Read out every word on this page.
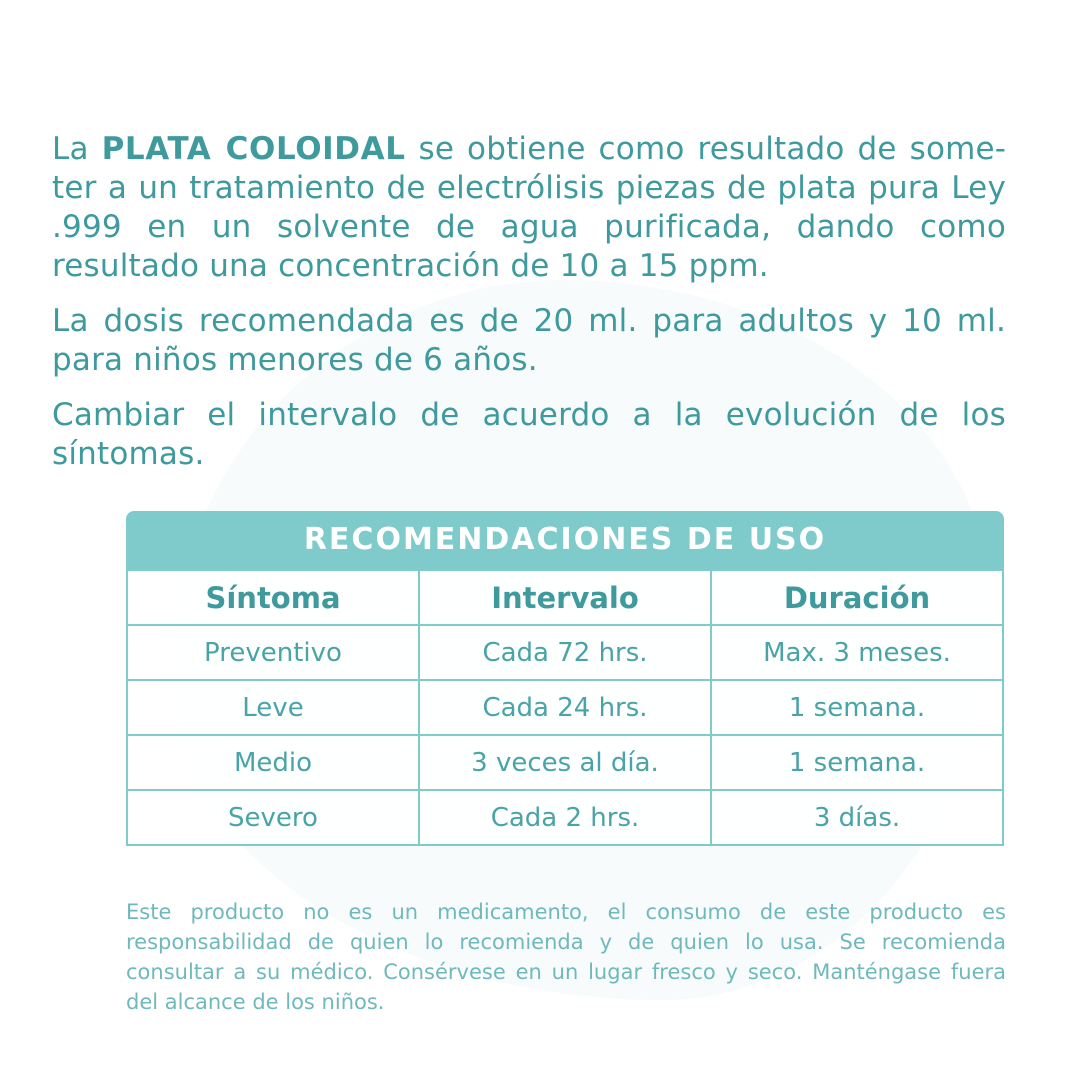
La PLATA COLOIDAL se obtiene como resultado de someter a un tratamiento de electrólisis piezas de plata pura Ley .999 en un solvente de agua purificada, dando como resultado una concentración de 10 a 15 ppm.

La dosis recomendada es de 20 ml. para adultos y 10 ml. para niños menores de 6 años.

Cambiar el intervalo de acuerdo a la evolución de los síntomas.

RECOMENDACIONES DE USO
Síntoma	Intervalo	Duración
Preventivo	Cada 72 hrs.	Max. 3 meses.
Leve	Cada 24 hrs.	1 semana.
Medio	3 veces al día.	1 semana.
Severo	Cada 2 hrs.	3 días.

Este producto no es un medicamento, el consumo de este producto es responsabilidad de quien lo recomienda y de quien lo usa. Se recomienda consultar a su médico. Consérvese en un lugar fresco y seco. Manténgase fuera del alcance de los niños.
